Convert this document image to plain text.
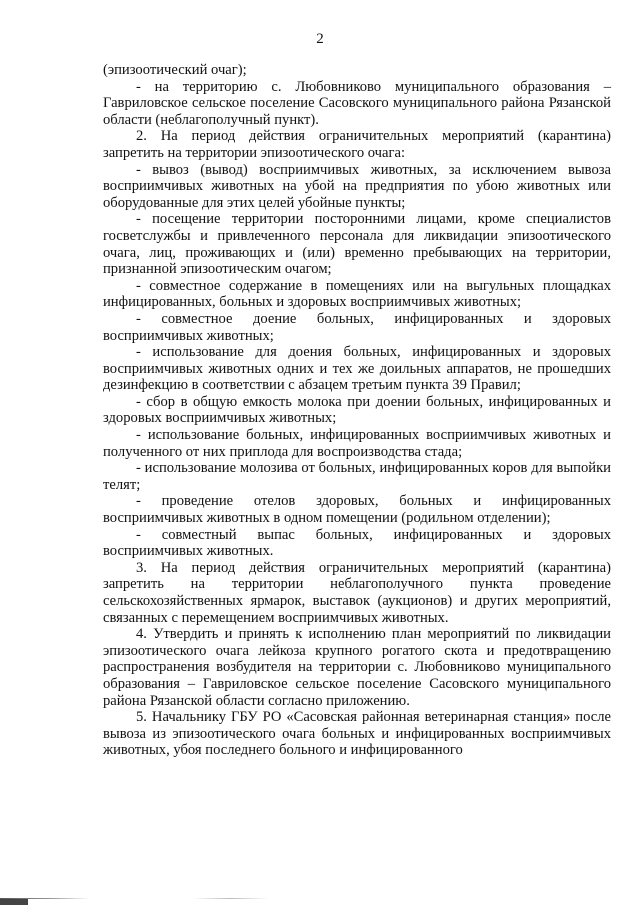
2

(эпизоотический очаг);

- на территорию с. Любовниково муниципального образования – Гавриловское сельское поселение Сасовского муниципального района Рязанской области (неблагополучный пункт).

2. На период действия ограничительных мероприятий (карантина) запретить на территории эпизоотического очага:

- вывоз (вывод) восприимчивых животных, за исключением вывоза восприимчивых животных на убой на предприятия по убою животных или оборудованные для этих целей убойные пункты;

- посещение территории посторонними лицами, кроме специалистов госветслужбы и привлеченного персонала для ликвидации эпизоотического очага, лиц, проживающих и (или) временно пребывающих на территории, признанной эпизоотическим очагом;

- совместное содержание в помещениях или на выгульных площадках инфицированных, больных и здоровых восприимчивых животных;

- совместное доение больных, инфицированных и здоровых восприимчивых животных;

- использование для доения больных, инфицированных и здоровых восприимчивых животных одних и тех же доильных аппаратов, не прошедших дезинфекцию в соответствии с абзацем третьим пункта 39 Правил;

- сбор в общую емкость молока при доении больных, инфицированных и здоровых восприимчивых животных;

- использование больных, инфицированных восприимчивых животных и полученного от них приплода для воспроизводства стада;

- использование молозива от больных, инфицированных коров для выпойки телят;

- проведение отелов здоровых, больных и инфицированных восприимчивых животных в одном помещении (родильном отделении);

- совместный выпас больных, инфицированных и здоровых восприимчивых животных.

3. На период действия ограничительных мероприятий (карантина) запретить на территории неблагополучного пункта проведение сельскохозяйственных ярмарок, выставок (аукционов) и других мероприятий, связанных с перемещением восприимчивых животных.

4. Утвердить и принять к исполнению план мероприятий по ликвидации эпизоотического очага лейкоза крупного рогатого скота и предотвращению распространения возбудителя на территории с. Любовниково муниципального образования – Гавриловское сельское поселение Сасовского муниципального района Рязанской области согласно приложению.

5. Начальнику ГБУ РО «Сасовская районная ветеринарная станция» после вывоза из эпизоотического очага больных и инфицированных восприимчивых животных, убоя последнего больного и инфицированного
